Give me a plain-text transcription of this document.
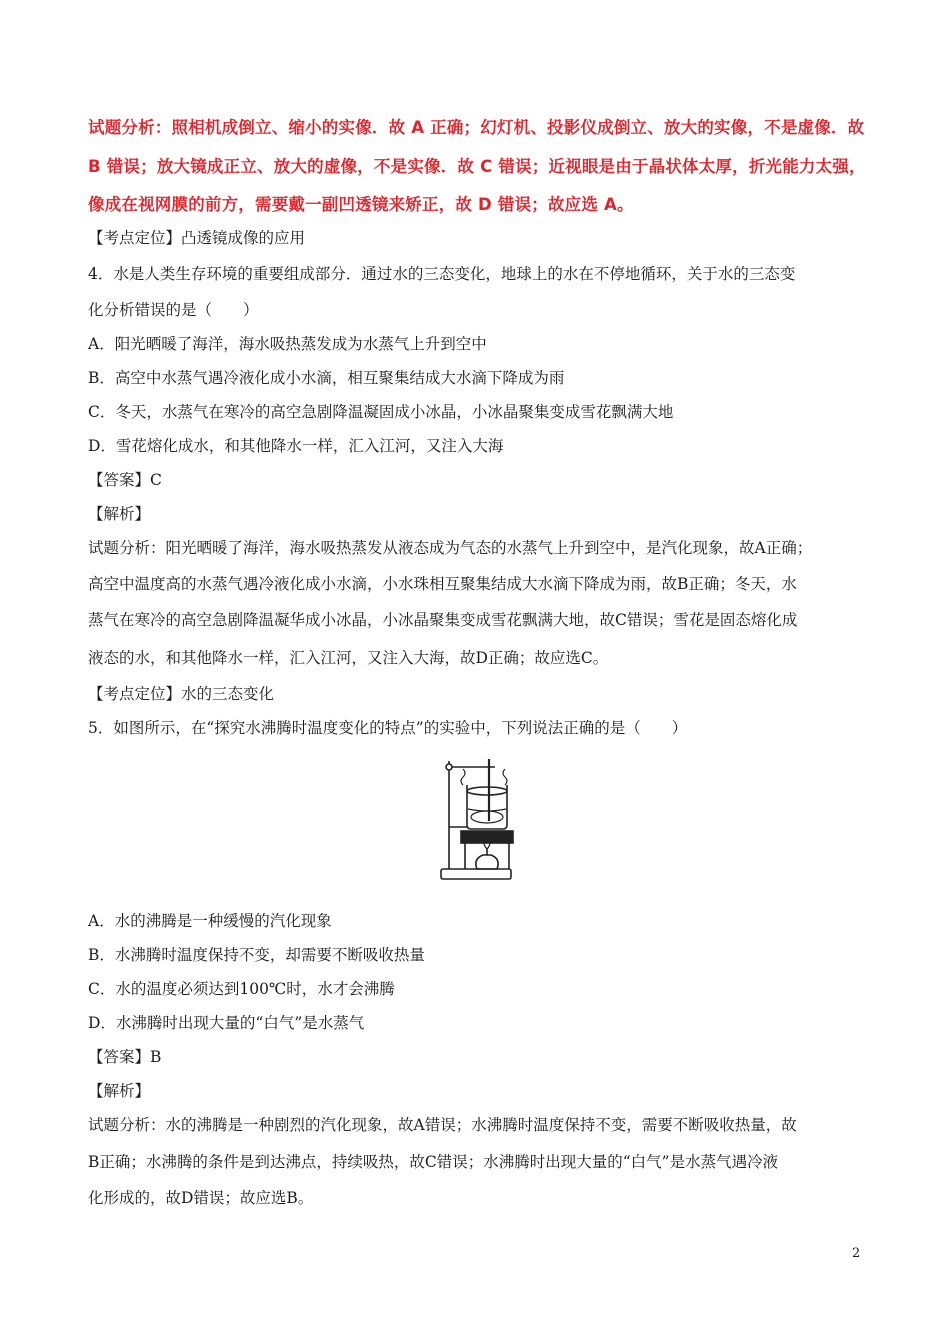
试题分析：照相机成倒立、缩小的实像．故 A 正确；幻灯机、投影仪成倒立、放大的实像，不是虚像．故
B 错误；放大镜成正立、放大的虚像，不是实像．故 C 错误；近视眼是由于晶状体太厚，折光能力太强，
像成在视网膜的前方，需要戴一副凹透镜来矫正，故 D 错误；故应选 A。
【考点定位】凸透镜成像的应用
4．水是人类生存环境的重要组成部分．通过水的三态变化，地球上的水在不停地循环，关于水的三态变
化分析错误的是（　　）
A．阳光晒暖了海洋，海水吸热蒸发成为水蒸气上升到空中
B．高空中水蒸气遇冷液化成小水滴，相互聚集结成大水滴下降成为雨
C．冬天，水蒸气在寒冷的高空急剧降温凝固成小冰晶，小冰晶聚集变成雪花飘满大地
D．雪花熔化成水，和其他降水一样，汇入江河，又注入大海
【答案】C
【解析】
试题分析：阳光晒暖了海洋，海水吸热蒸发从液态成为气态的水蒸气上升到空中，是汽化现象，故A正确；
高空中温度高的水蒸气遇冷液化成小水滴，小水珠相互聚集结成大水滴下降成为雨，故B正确；冬天，水
蒸气在寒冷的高空急剧降温凝华成小冰晶，小冰晶聚集变成雪花飘满大地，故C错误；雪花是固态熔化成
液态的水，和其他降水一样，汇入江河，又注入大海，故D正确；故应选C。
【考点定位】水的三态变化
5．如图所示，在“探究水沸腾时温度变化的特点”的实验中，下列说法正确的是（　　）
A．水的沸腾是一种缓慢的汽化现象
B．水沸腾时温度保持不变，却需要不断吸收热量
C．水的温度必须达到100℃时，水才会沸腾
D．水沸腾时出现大量的“白气”是水蒸气
【答案】B
【解析】
试题分析：水的沸腾是一种剧烈的汽化现象，故A错误；水沸腾时温度保持不变，需要不断吸收热量，故
B正确；水沸腾的条件是到达沸点，持续吸热，故C错误；水沸腾时出现大量的“白气”是水蒸气遇冷液
化形成的，故D错误；故应选B。
2
